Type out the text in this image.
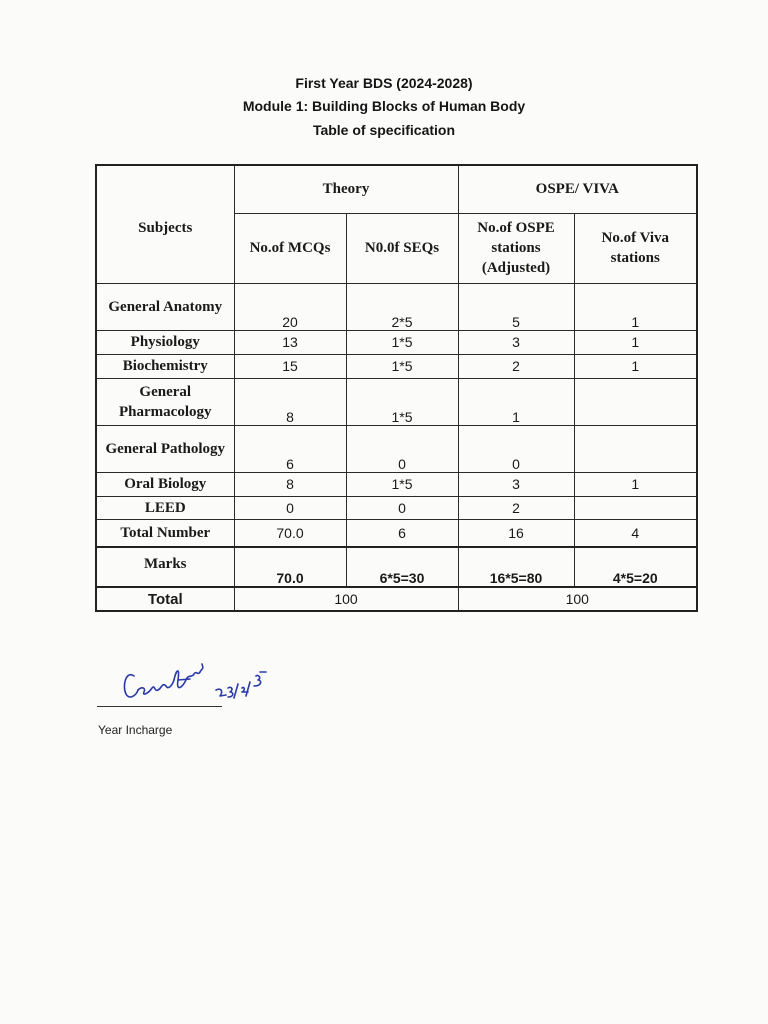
First Year BDS (2024-2028)
Module 1: Building Blocks of Human Body
Table of specification
Subjects	Theory		OSPE/ VIVA	
	No.of MCQs	N0.0f SEQs	No.of OSPE stations (Adjusted)	No.of Viva stations
General Anatomy	20	2*5	5	1
Physiology	13	1*5	3	1
Biochemistry	15	1*5	2	1
General Pharmacology	8	1*5	1	
General Pathology	6	0	0	
Oral Biology	8	1*5	3	1
LEED	0	0	2	
Total Number	70.0	6	16	4
Marks	70.0	6*5=30	16*5=80	4*5=20
Total	100		100	
Year Incharge
